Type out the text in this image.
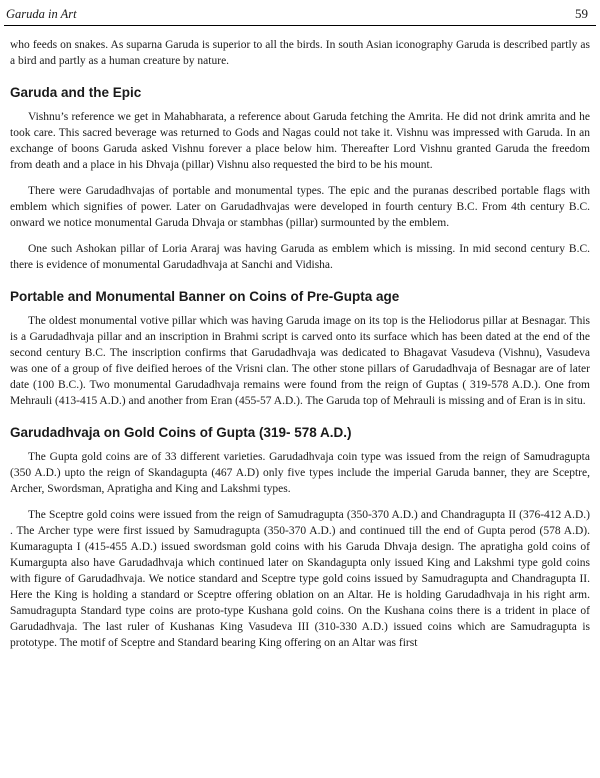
Garuda in Art	59

who feeds on snakes. As suparna Garuda is superior to all the birds. In south Asian iconography Garuda is described partly as a bird and partly as a human creature by nature.

Garuda and the Epic

Vishnu’s reference we get in Mahabharata, a reference about Garuda fetching the Amrita. He did not drink amrita and he took care. This sacred beverage was returned to Gods and Nagas could not take it. Vishnu was impressed with Garuda. In an exchange of boons Garuda asked Vishnu forever a place below him. Thereafter Lord Vishnu granted Garuda the freedom from death and a place in his Dhvaja (pillar) Vishnu also requested the bird to be his mount.

There were Garudadhvajas of portable and monumental types. The epic and the puranas described portable flags with emblem which signifies of power. Later on Garudadhvajas were developed in fourth century B.C. From 4th century B.C. onward we notice monumental Garuda Dhvaja or stambhas (pillar) surmounted by the emblem.

One such Ashokan pillar of Loria Araraj was having Garuda as emblem which is missing. In mid second century B.C. there is evidence of monumental Garudadhvaja at Sanchi and Vidisha.

Portable and Monumental Banner on Coins of Pre-Gupta age

The oldest monumental votive pillar which was having Garuda image on its top is the Heliodorus pillar at Besnagar. This is a Garudadhvaja pillar and an inscription in Brahmi script is carved onto its surface which has been dated at the end of the second century B.C. The inscription confirms that Garudadhvaja was dedicated to Bhagavat Vasudeva (Vishnu), Vasudeva was one of a group of five deified heroes of the Vrisni clan. The other stone pillars of Garudadhvaja of Besnagar are of later date (100 B.C.). Two monumental Garudadhvaja remains were found from the reign of Guptas ( 319-578 A.D.). One from Mehrauli (413-415 A.D.) and another from Eran (455-57 A.D.). The Garuda top of Mehrauli is missing and of Eran is in situ.

Garudadhvaja on Gold Coins of Gupta (319- 578 A.D.)

The Gupta gold coins are of 33 different varieties. Garudadhvaja coin type was issued from the reign of Samudragupta (350 A.D.) upto the reign of Skandagupta (467 A.D) only five types include the imperial Garuda banner, they are Sceptre, Archer, Swordsman, Apratigha and King and Lakshmi types.

The Sceptre gold coins were issued from the reign of Samudragupta (350-370 A.D.) and Chandragupta II (376-412 A.D.) . The Archer type were first issued by Samudragupta (350-370 A.D.) and continued till the end of Gupta perod (578 A.D). Kumaragupta I (415-455 A.D.) issued swordsman gold coins with his Garuda Dhvaja design. The apratigha gold coins of Kumargupta also have Garudadhvaja which continued later on Skandagupta only issued King and Lakshmi type gold coins with figure of Garudadhvaja. We notice standard and Sceptre type gold coins issued by Samudragupta and Chandragupta II. Here the King is holding a standard or Sceptre offering oblation on an Altar. He is holding Garudadhvaja in his right arm. Samudragupta Standard type coins are proto-type Kushana gold coins. On the Kushana coins there is a trident in place of Garudadhvaja. The last ruler of Kushanas King Vasudeva III (310-330 A.D.) issued coins which are Samudragupta is prototype. The motif of Sceptre and Standard bearing King offering on an Altar was first
